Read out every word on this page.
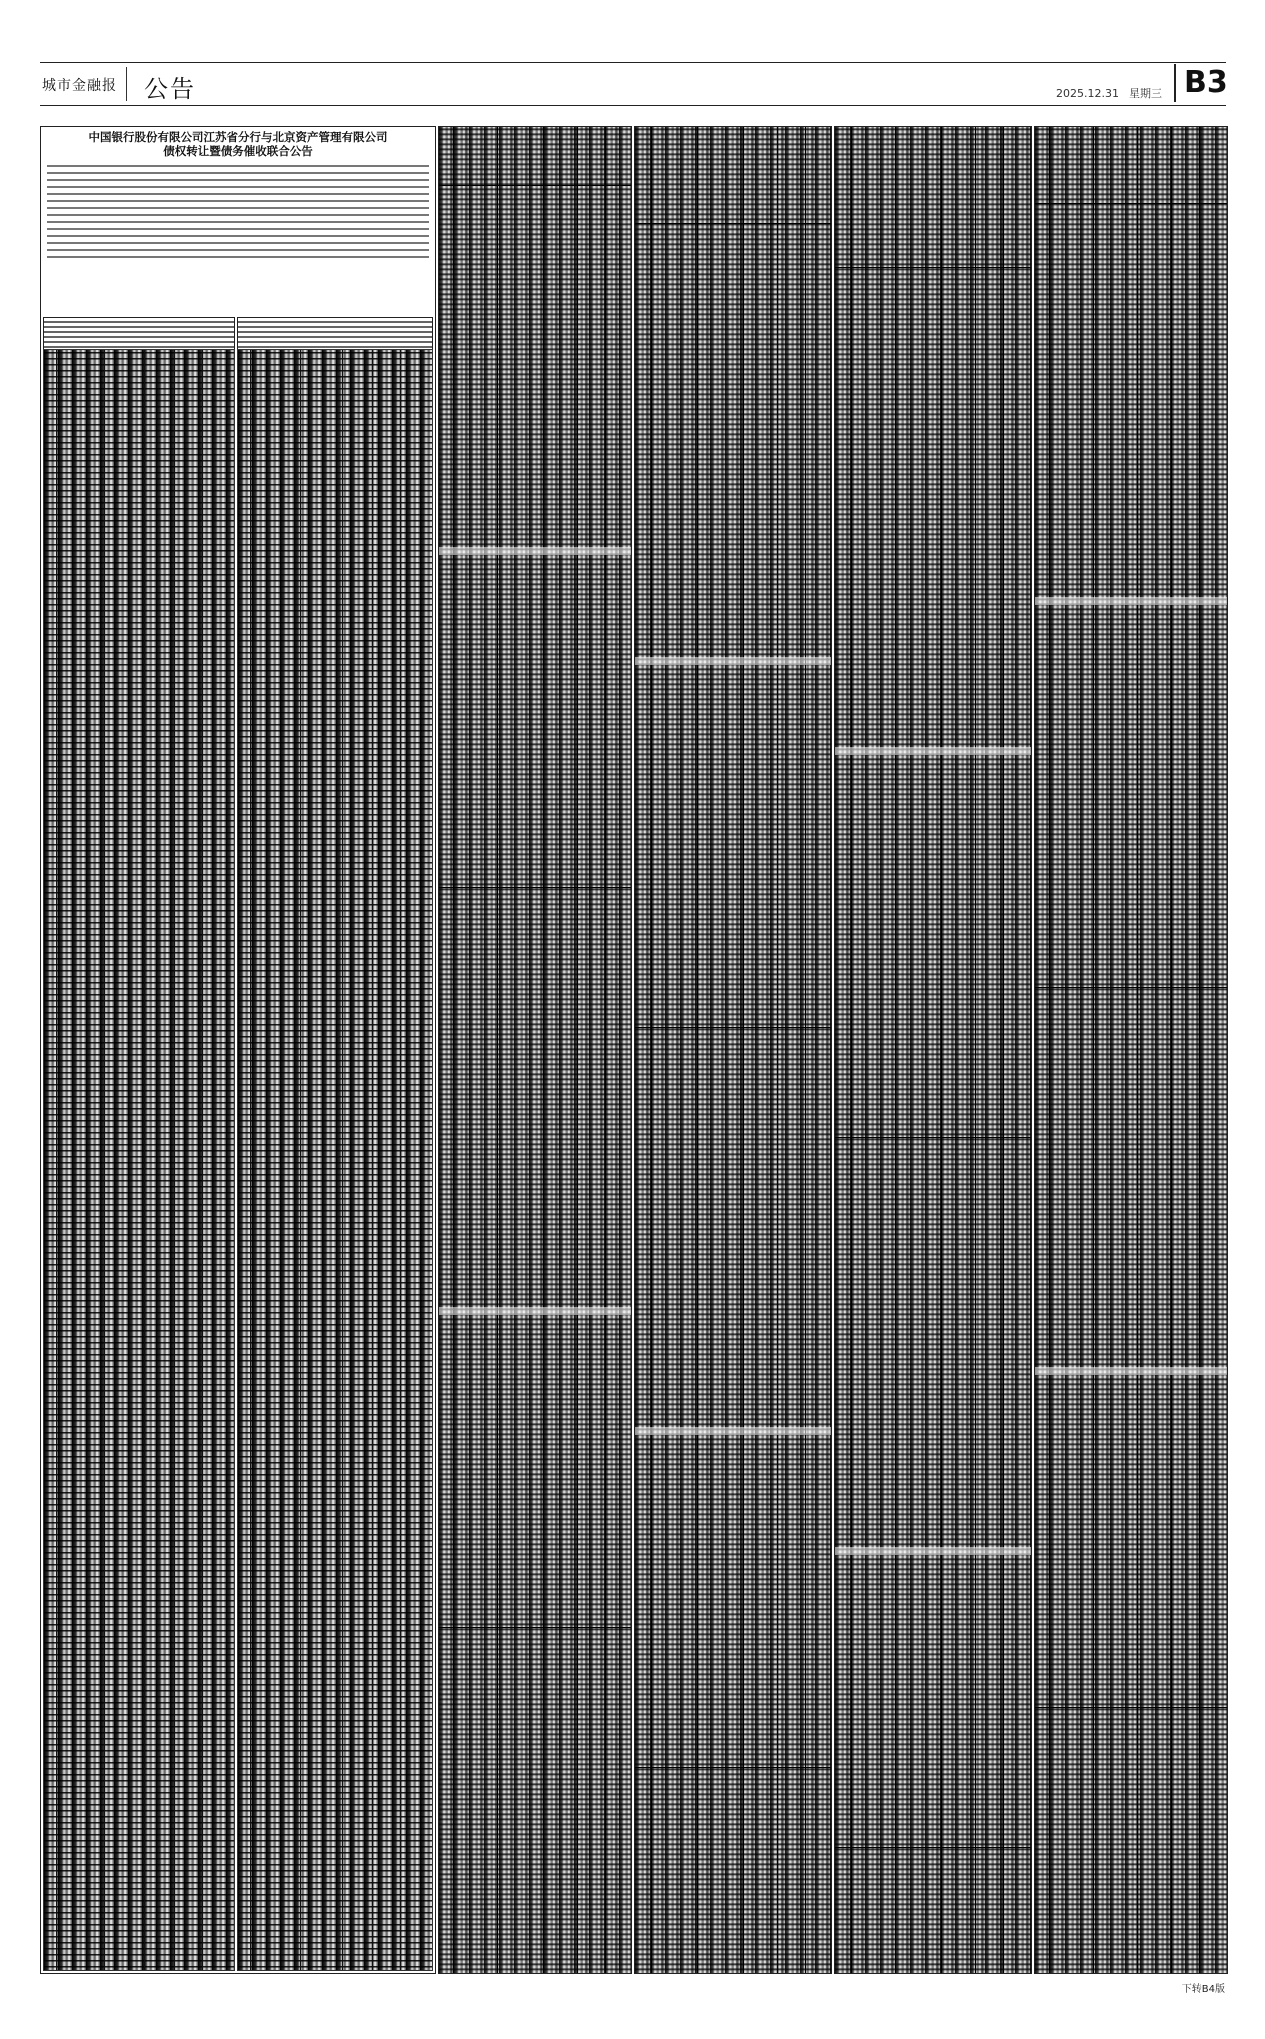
城市金融报 公告	2025.12.31 星期三 B3
中国银行股份有限公司江苏省分行与北京资产管理有限公司
债权转让暨债务催收联合公告
下转B4版
